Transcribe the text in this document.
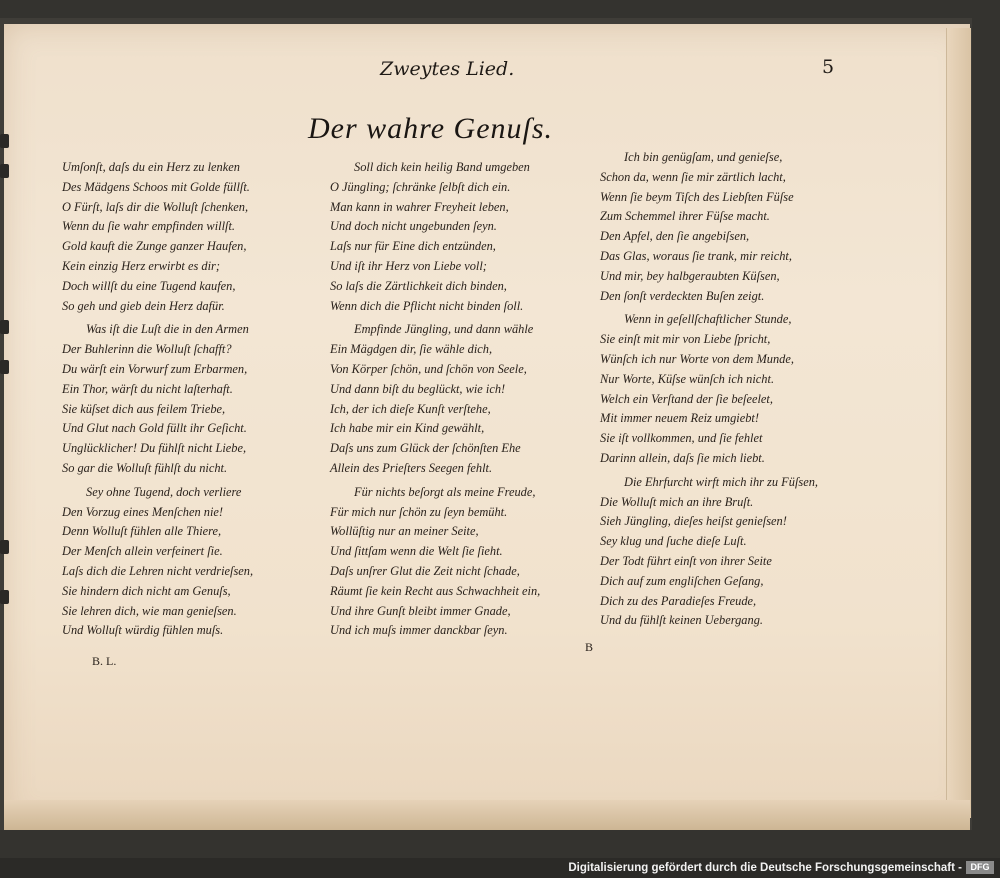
Zweytes Lied.	5
Der wahre Genuſs.
Umſonſt, daſs du ein Herz zu lenken
Des Mädgens Schoos mit Golde füllſt.
O Fürſt, laſs dir die Wolluſt ſchenken,
Wenn du ſie wahr empfinden willſt.
Gold kauft die Zunge ganzer Haufen,
Kein einzig Herz erwirbt es dir;
Doch willſt du eine Tugend kaufen,
So geh und gieb dein Herz dafür.
Was iſt die Luſt die in den Armen
Der Buhlerinn die Wolluſt ſchafft?
Du wärſt ein Vorwurf zum Erbarmen,
Ein Thor, wärſt du nicht laſterhaft.
Sie küſset dich aus feilem Triebe,
Und Glut nach Gold füllt ihr Geſicht.
Unglücklicher! Du fühlſt nicht Liebe,
So gar die Wolluſt fühlſt du nicht.
Sey ohne Tugend, doch verliere
Den Vorzug eines Menſchen nie!
Denn Wolluſt fühlen alle Thiere,
Der Menſch allein verfeinert ſie.
Laſs dich die Lehren nicht verdrieſsen,
Sie hindern dich nicht am Genuſs,
Sie lehren dich, wie man genieſsen.
Und Wolluſt würdig fühlen muſs.
Soll dich kein heilig Band umgeben
O Jüngling; ſchränke ſelbſt dich ein.
Man kann in wahrer Freyheit leben,
Und doch nicht ungebunden ſeyn.
Laſs nur für Eine dich entzünden,
Und iſt ihr Herz von Liebe voll;
So laſs die Zärtlichkeit dich binden,
Wenn dich die Pflicht nicht binden ſoll.
Empfinde Jüngling, und dann wähle
Ein Mägdgen dir, ſie wähle dich,
Von Körper ſchön, und ſchön von Seele,
Und dann biſt du beglückt, wie ich!
Ich, der ich dieſe Kunſt verſtehe,
Ich habe mir ein Kind gewählt,
Daſs uns zum Glück der ſchönſten Ehe
Allein des Prieſters Seegen fehlt.
Für nichts beſorgt als meine Freude,
Für mich nur ſchön zu ſeyn bemüht.
Wollüſtig nur an meiner Seite,
Und ſittſam wenn die Welt ſie ſieht.
Daſs unſrer Glut die Zeit nicht ſchade,
Räumt ſie kein Recht aus Schwachheit ein,
Und ihre Gunſt bleibt immer Gnade,
Und ich muſs immer danckbar ſeyn.
Ich bin genügſam, und genieſse,
Schon da, wenn ſie mir zärtlich lacht,
Wenn ſie beym Tiſch des Liebſten Füſse
Zum Schemmel ihrer Füſse macht.
Den Apfel, den ſie angebiſsen,
Das Glas, woraus ſie trank, mir reicht,
Und mir, bey halbgeraubten Küſsen,
Den ſonſt verdeckten Buſen zeigt.
Wenn in geſellſchaftlicher Stunde,
Sie einſt mit mir von Liebe ſpricht,
Wünſch ich nur Worte von dem Munde,
Nur Worte, Küſse wünſch ich nicht.
Welch ein Verſtand der ſie beſeelet,
Mit immer neuem Reiz umgiebt!
Sie iſt vollkommen, und ſie fehlet
Darinn allein, daſs ſie mich liebt.
Die Ehrfurcht wirft mich ihr zu Füſsen,
Die Wolluſt mich an ihre Bruſt.
Sieh Jüngling, dieſes heiſst genieſsen!
Sey klug und ſuche dieſe Luſt.
Der Todt führt einſt von ihrer Seite
Dich auf zum engliſchen Geſang,
Dich zu des Paradieſes Freude,
Und du fühlſt keinen Uebergang.
B. L.
B
Digitalisierung gefördert durch die Deutsche Forschungsgemeinschaft - DFG
